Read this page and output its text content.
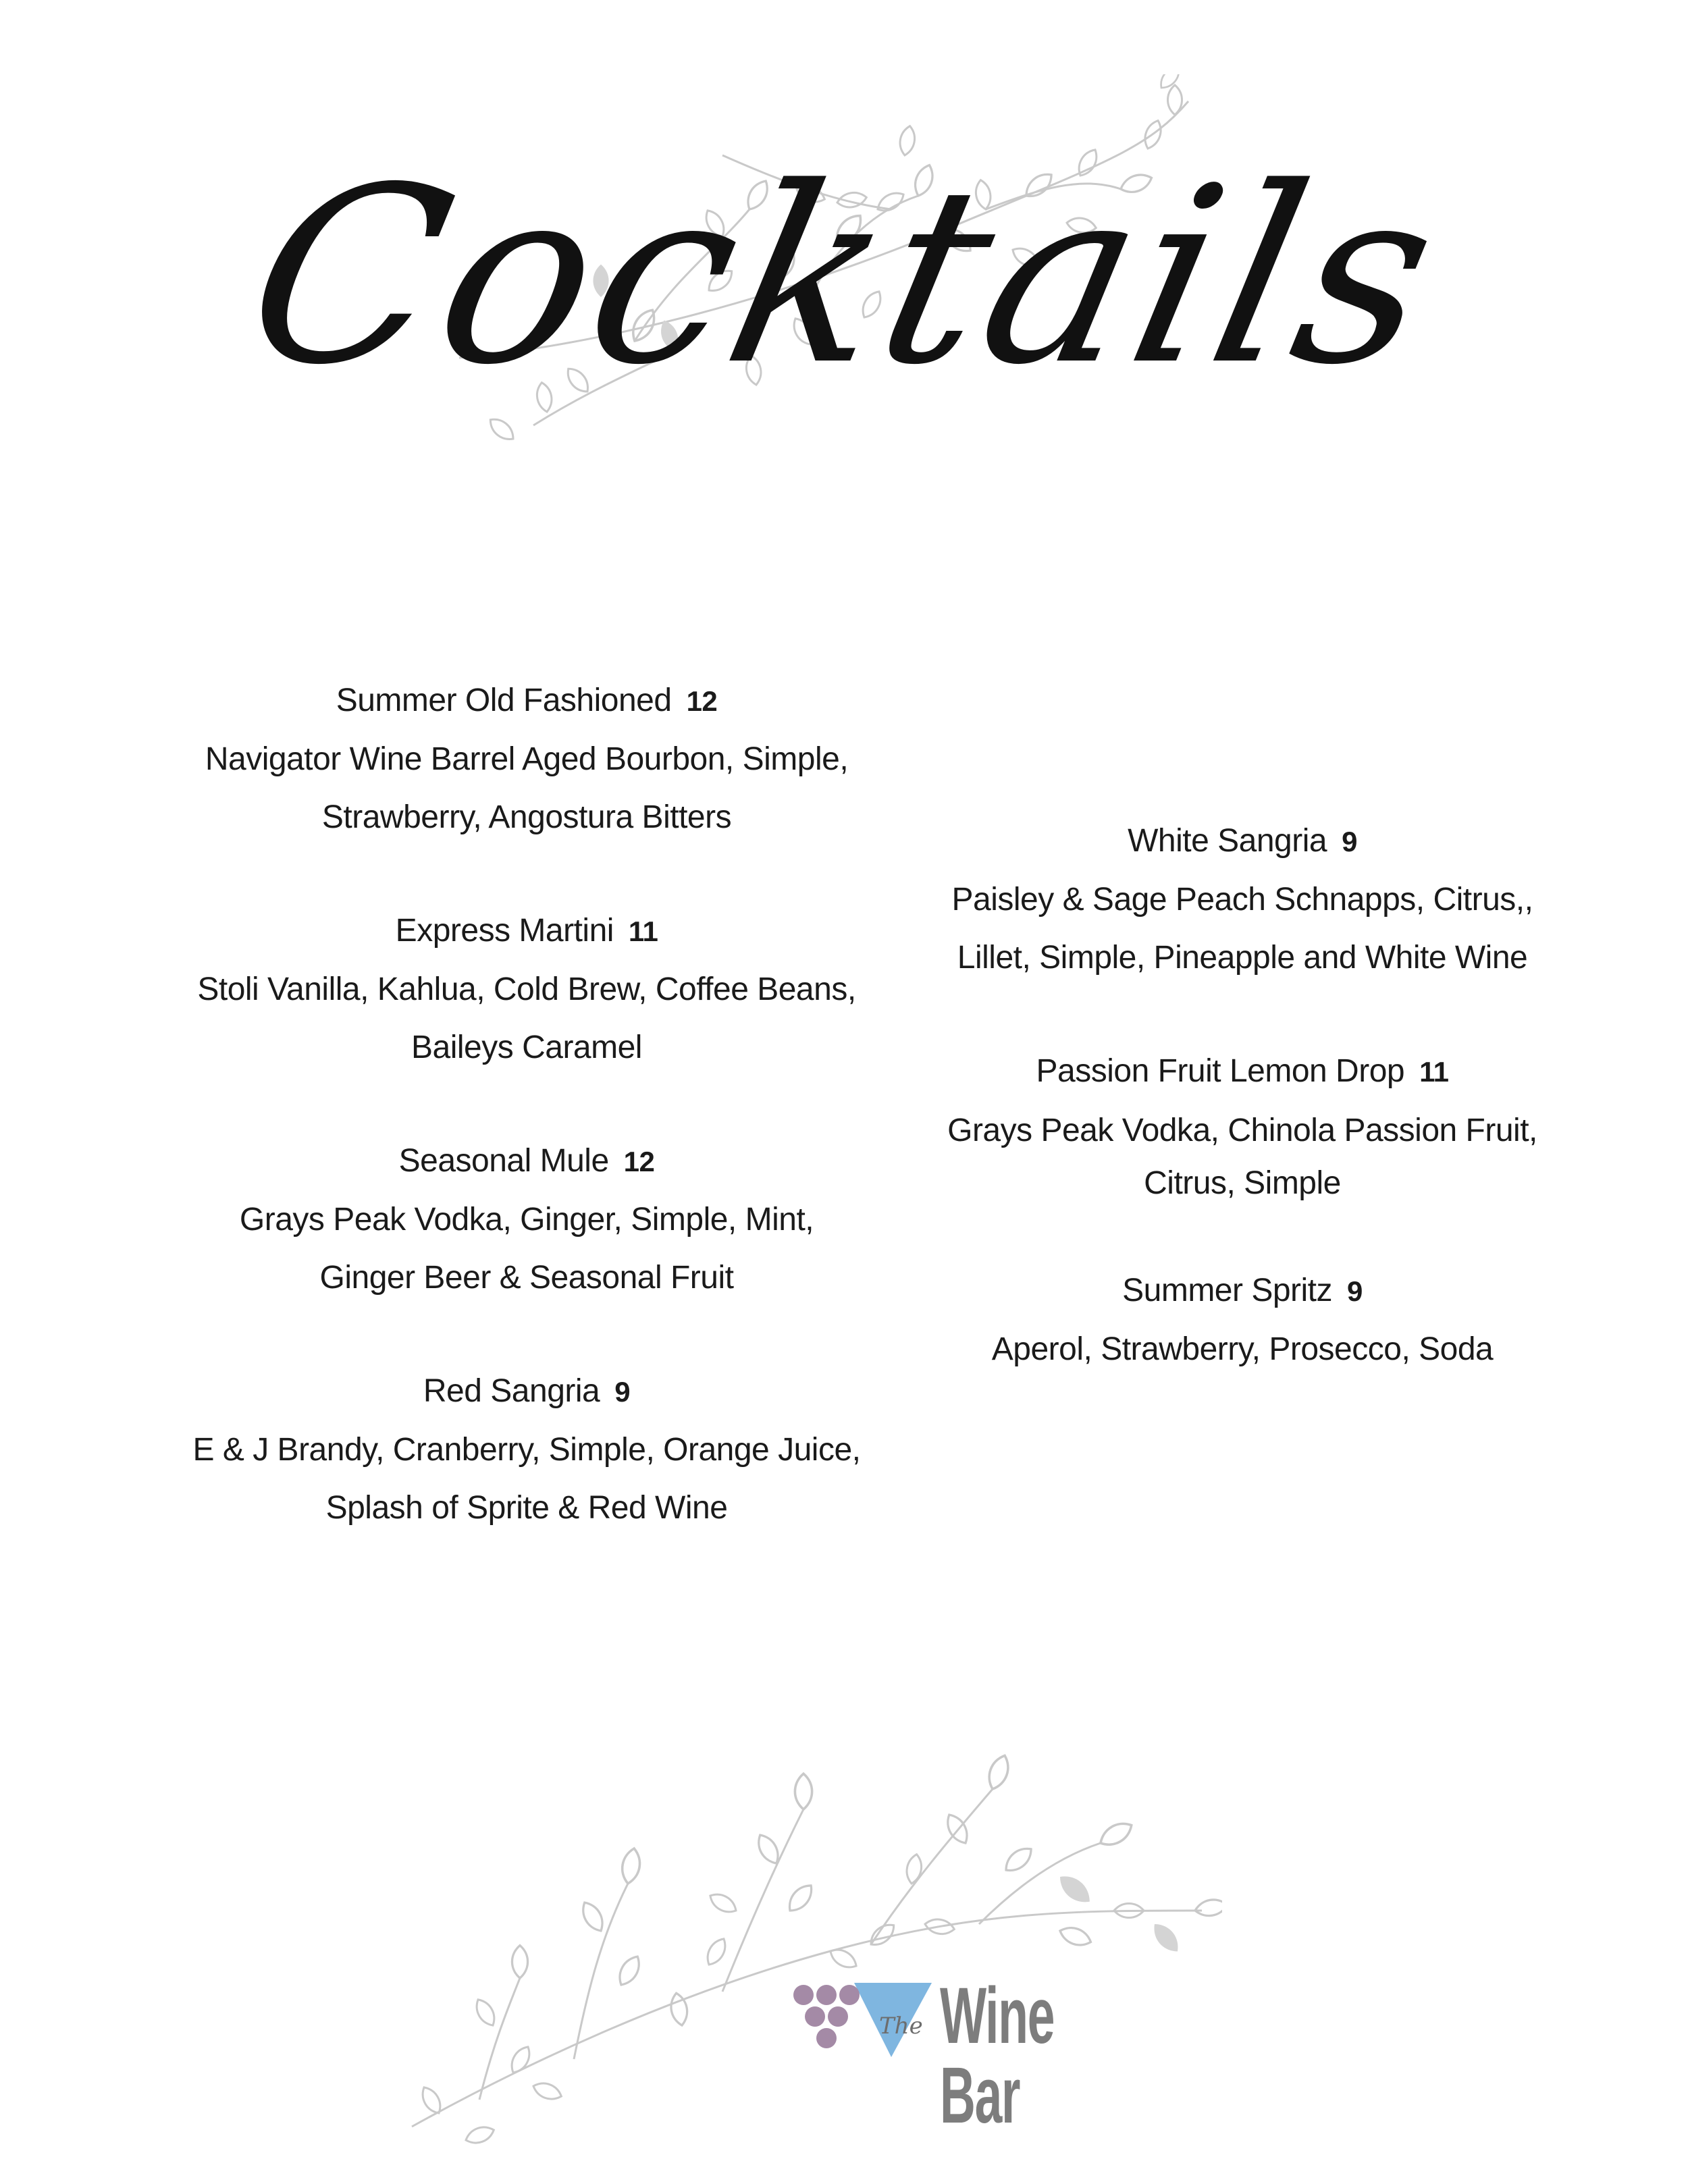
Cocktails
Summer Old Fashioned 12
Navigator Wine Barrel Aged Bourbon, Simple,
Strawberry, Angostura Bitters
Express Martini 11
Stoli Vanilla, Kahlua, Cold Brew, Coffee Beans,
Baileys Caramel
Seasonal Mule 12
Grays Peak Vodka, Ginger, Simple, Mint,
Ginger Beer & Seasonal Fruit
Red Sangria 9
E & J Brandy, Cranberry, Simple, Orange Juice,
Splash of Sprite & Red Wine
White Sangria 9
Paisley & Sage Peach Schnapps, Citrus,,
Lillet, Simple, Pineapple and White Wine
Passion Fruit Lemon Drop 11
Grays Peak Vodka, Chinola Passion Fruit,
Citrus, Simple
Summer Spritz 9
Aperol, Strawberry, Prosecco, Soda
The Wine Bar
